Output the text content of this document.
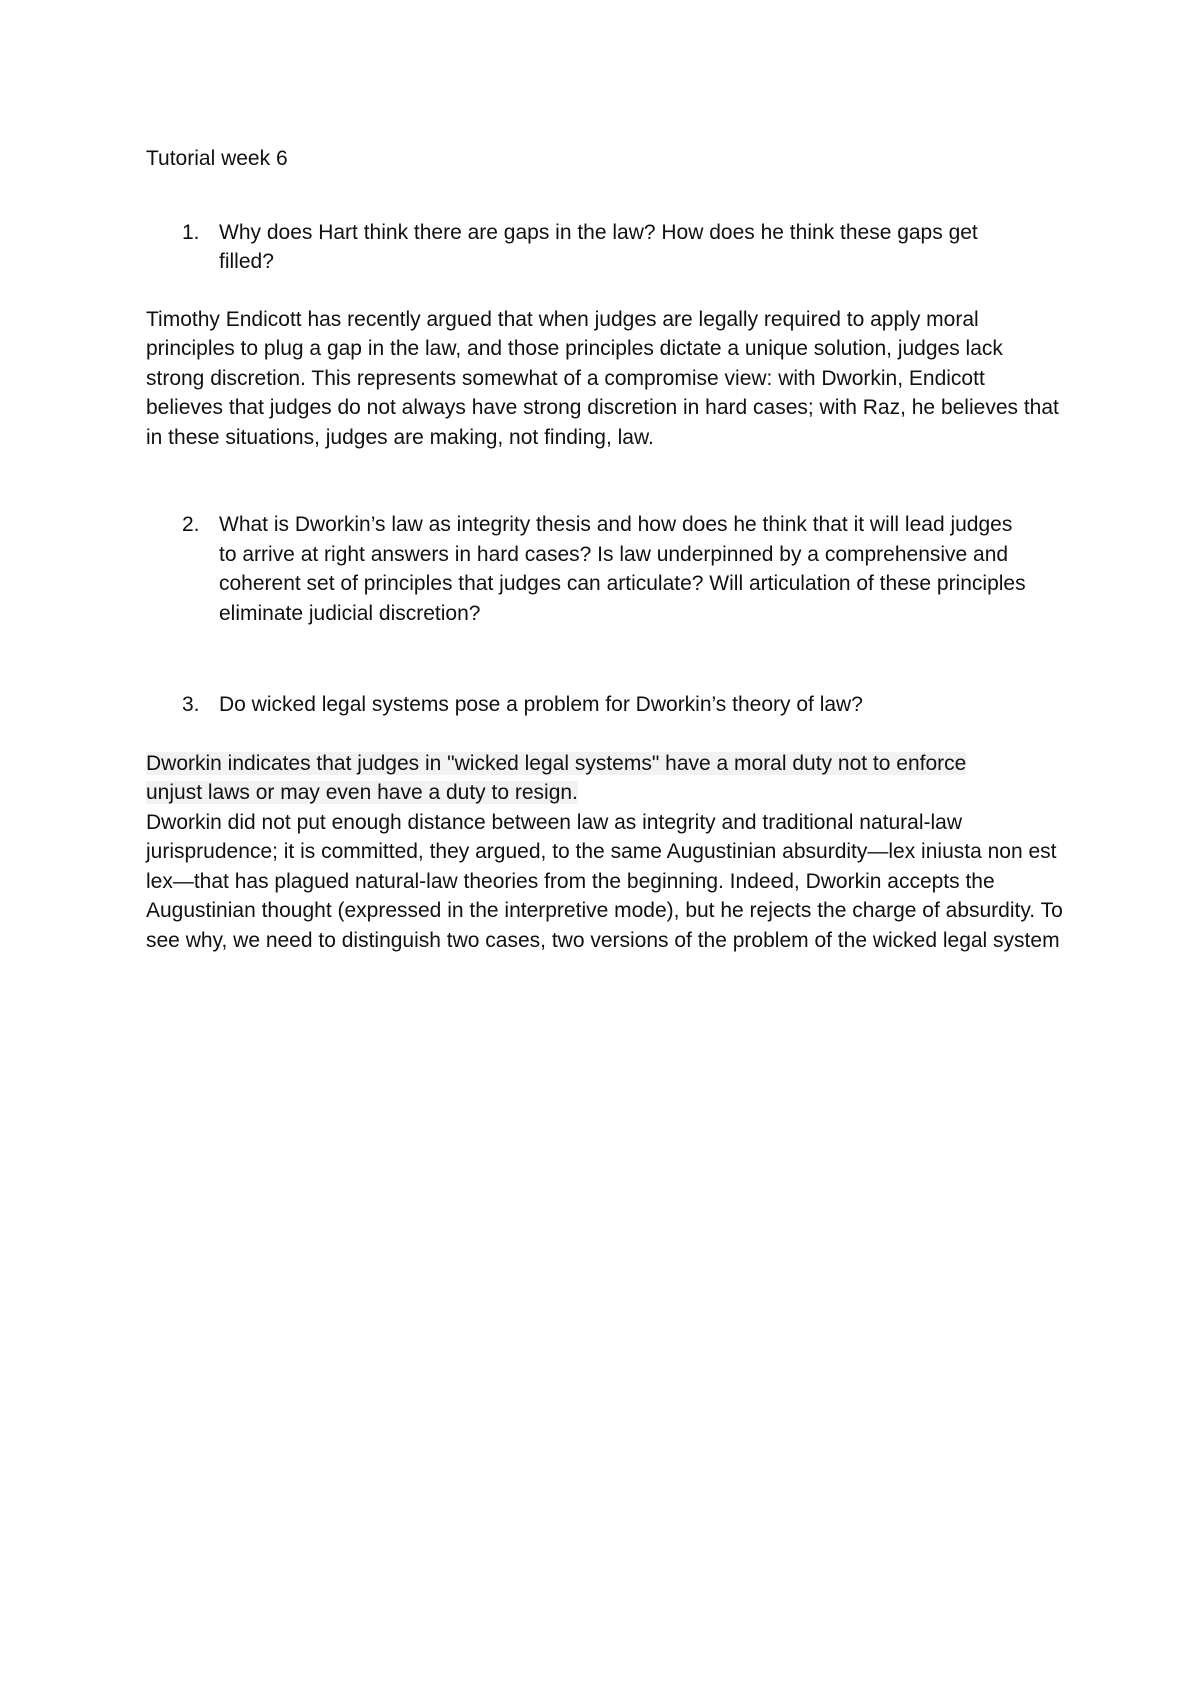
Tutorial week 6

1. Why does Hart think there are gaps in the law? How does he think these gaps get filled?

Timothy Endicott has recently argued that when judges are legally required to apply moral principles to plug a gap in the law, and those principles dictate a unique solution, judges lack strong discretion. This represents somewhat of a compromise view: with Dworkin, Endicott believes that judges do not always have strong discretion in hard cases; with Raz, he believes that in these situations, judges are making, not finding, law.

2. What is Dworkin’s law as integrity thesis and how does he think that it will lead judges to arrive at right answers in hard cases? Is law underpinned by a comprehensive and coherent set of principles that judges can articulate? Will articulation of these principles eliminate judicial discretion?
3. Do wicked legal systems pose a problem for Dworkin’s theory of law?

Dworkin indicates that judges in "wicked legal systems" have a moral duty not to enforce unjust laws or may even have a duty to resign.

Dworkin did not put enough distance between law as integrity and traditional natural-law jurisprudence; it is committed, they argued, to the same Augustinian absurdity—lex iniusta non est lex—that has plagued natural-law theories from the beginning. Indeed, Dworkin accepts the Augustinian thought (expressed in the interpretive mode), but he rejects the charge of absurdity. To see why, we need to distinguish two cases, two versions of the problem of the wicked legal system
